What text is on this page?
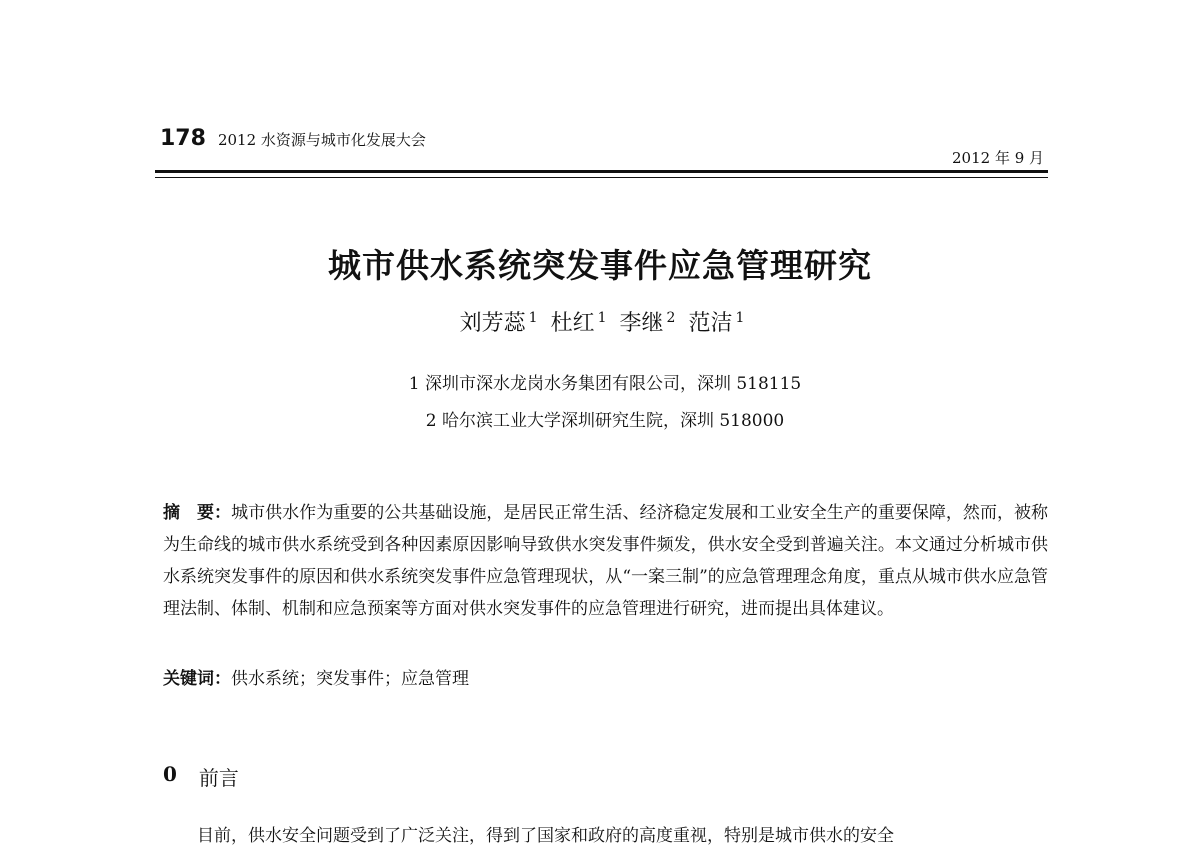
178 2012 水资源与城市化发展大会
2012 年 9 月
城市供水系统突发事件应急管理研究
刘芳蕊 $^1$ 杜红 $^1$ 李继 $^2$ 范洁 $^1$
1 深圳市深水龙岗水务集团有限公司，深圳 518115
2 哈尔滨工业大学深圳研究生院，深圳 518000
摘　要：城市供水作为重要的公共基础设施，是居民正常生活、经济稳定发展和工业安全生产的重要保障，然而，被称为生命线的城市供水系统受到各种因素原因影响导致供水突发事件频发，供水安全受到普遍关注。本文通过分析城市供水系统突发事件的原因和供水系统突发事件应急管理现状，从“一案三制”的应急管理理念角度，重点从城市供水应急管理法制、体制、机制和应急预案等方面对供水突发事件的应急管理进行研究，进而提出具体建议。
关键词：供水系统；突发事件；应急管理
0 前言
目前，供水安全问题受到了广泛关注，得到了国家和政府的高度重视，特别是城市供水的安全
